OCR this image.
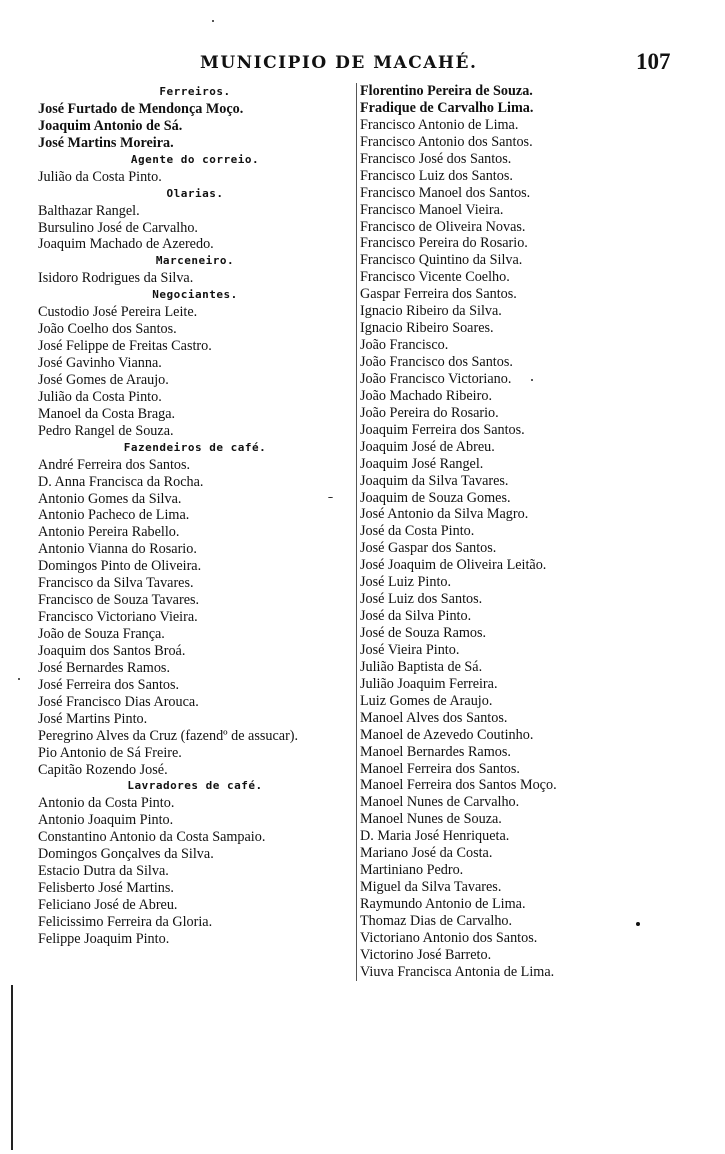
MUNICIPIO DE MACAHÉ.	107
Ferreiros.
José Furtado de Mendonça Moço.
Joaquim Antonio de Sá.
José Martins Moreira.
Agente do correio.
Julião da Costa Pinto.
Olarias.
Balthazar Rangel.
Bursulino José de Carvalho.
Joaquim Machado de Azeredo.
Marceneiro.
Isidoro Rodrigues da Silva.
Negociantes.
Custodio José Pereira Leite.
João Coelho dos Santos.
José Felippe de Freitas Castro.
José Gavinho Vianna.
José Gomes de Araujo.
Julião da Costa Pinto.
Manoel da Costa Braga.
Pedro Rangel de Souza.
Fazendeiros de café.
André Ferreira dos Santos.
D. Anna Francisca da Rocha.
Antonio Gomes da Silva.
Antonio Pacheco de Lima.
Antonio Pereira Rabello.
Antonio Vianna do Rosario.
Domingos Pinto de Oliveira.
Francisco da Silva Tavares.
Francisco de Souza Tavares.
Francisco Victoriano Vieira.
João de Souza França.
Joaquim dos Santos Broá.
José Bernardes Ramos.
José Ferreira dos Santos.
José Francisco Dias Arouca.
José Martins Pinto.
Peregrino Alves da Cruz (fazendº de assucar).
Pio Antonio de Sá Freire.
Capitão Rozendo José.
Lavradores de café.
Antonio da Costa Pinto.
Antonio Joaquim Pinto.
Constantino Antonio da Costa Sampaio.
Domingos Gonçalves da Silva.
Estacio Dutra da Silva.
Felisberto José Martins.
Feliciano José de Abreu.
Felicissimo Ferreira da Gloria.
Felippe Joaquim Pinto.
Florentino Pereira de Souza.
Fradique de Carvalho Lima.
Francisco Antonio de Lima.
Francisco Antonio dos Santos.
Francisco José dos Santos.
Francisco Luiz dos Santos.
Francisco Manoel dos Santos.
Francisco Manoel Vieira.
Francisco de Oliveira Novas.
Francisco Pereira do Rosario.
Francisco Quintino da Silva.
Francisco Vicente Coelho.
Gaspar Ferreira dos Santos.
Ignacio Ribeiro da Silva.
Ignacio Ribeiro Soares.
João Francisco.
João Francisco dos Santos.
João Francisco Victoriano.
João Machado Ribeiro.
João Pereira do Rosario.
Joaquim Ferreira dos Santos.
Joaquim José de Abreu.
Joaquim José Rangel.
Joaquim da Silva Tavares.
Joaquim de Souza Gomes.
José Antonio da Silva Magro.
José da Costa Pinto.
José Gaspar dos Santos.
José Joaquim de Oliveira Leitão.
José Luiz Pinto.
José Luiz dos Santos.
José da Silva Pinto.
José de Souza Ramos.
José Vieira Pinto.
Julião Baptista de Sá.
Julião Joaquim Ferreira.
Luiz Gomes de Araujo.
Manoel Alves dos Santos.
Manoel de Azevedo Coutinho.
Manoel Bernardes Ramos.
Manoel Ferreira dos Santos.
Manoel Ferreira dos Santos Moço.
Manoel Nunes de Carvalho.
Manoel Nunes de Souza.
D. Maria José Henriqueta.
Mariano José da Costa.
Martiniano Pedro.
Miguel da Silva Tavares.
Raymundo Antonio de Lima.
Thomaz Dias de Carvalho.
Victoriano Antonio dos Santos.
Victorino José Barreto.
Viuva Francisca Antonia de Lima.
